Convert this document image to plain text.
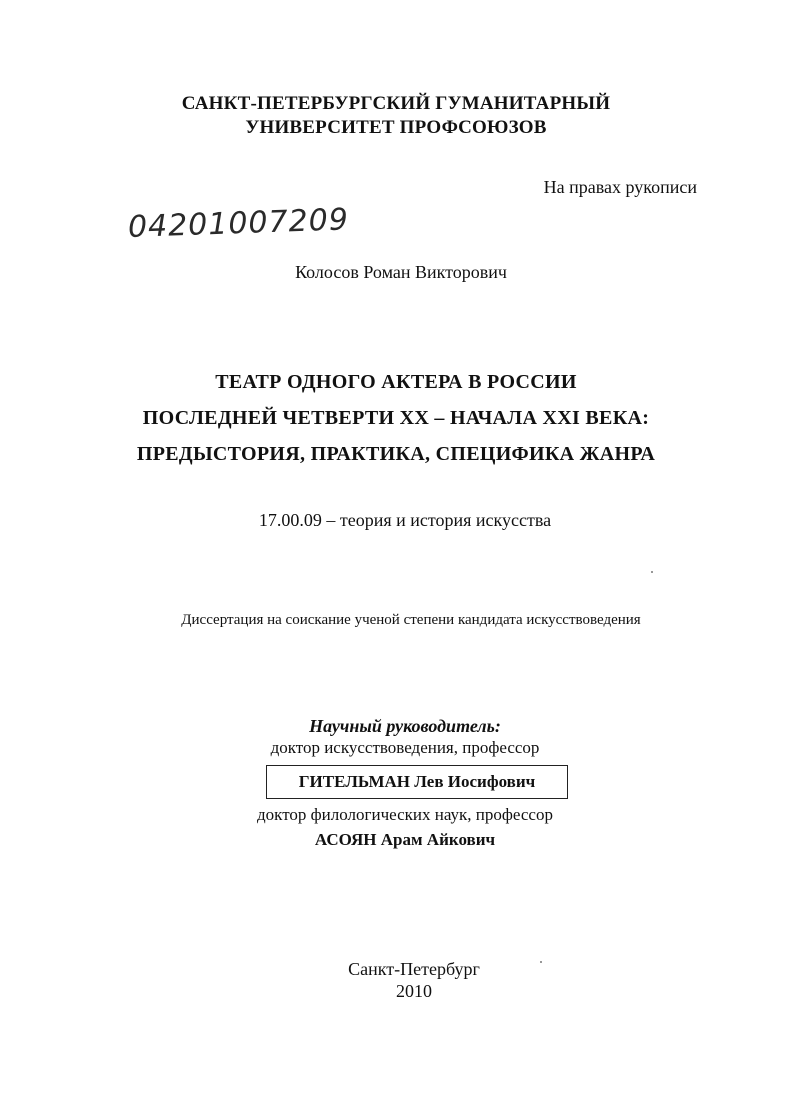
САНКТ-ПЕТЕРБУРГСКИЙ ГУМАНИТАРНЫЙ
УНИВЕРСИТЕТ ПРОФСОЮЗОВ
На правах рукописи
04201007209
Колосов Роман Викторович
ТЕАТР ОДНОГО АКТЕРА В РОССИИ
ПОСЛЕДНЕЙ ЧЕТВЕРТИ XX – НАЧАЛА XXI ВЕКА:
ПРЕДЫСТОРИЯ, ПРАКТИКА, СПЕЦИФИКА ЖАНРА
17.00.09 – теория и история искусства
Диссертация на соискание ученой степени кандидата искусствоведения
Научный руководитель:
доктор искусствоведения, профессор
ГИТЕЛЬМАН Лев Иосифович
доктор филологических наук, профессор
АСОЯН Арам Айкович
Санкт-Петербург
2010
